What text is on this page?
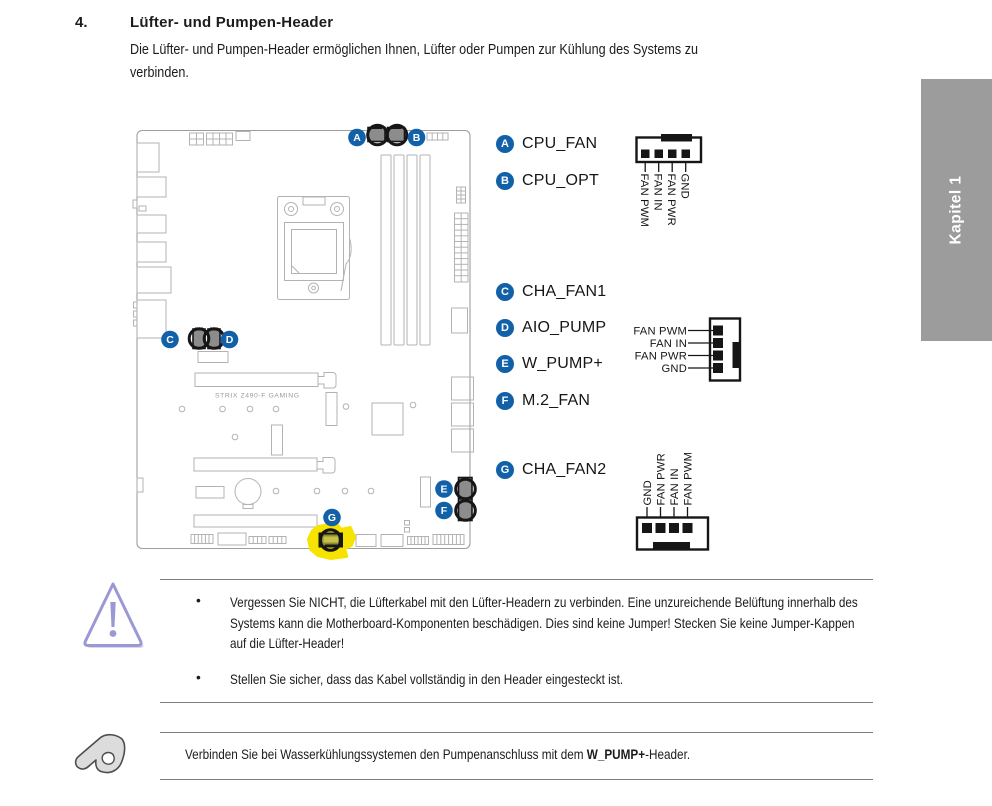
4.	Lüfter- und Pumpen-Header
Die Lüfter- und Pumpen-Header ermöglichen Ihnen, Lüfter oder Pumpen zur Kühlung des Systems zu verbinden.
Kapitel 1
STRIX Z490-F GAMING
A	B
C	D
E
F
G
A CPU_FAN
B CPU_OPT
C CHA_FAN1
D AIO_PUMP
E W_PUMP+
F M.2_FAN
G CHA_FAN2
FAN PWM FAN IN FAN PWR GND
FAN PWM
FAN IN
FAN PWR
GND
GND FAN PWR FAN IN FAN PWM
•	Vergessen Sie NICHT, die Lüfterkabel mit den Lüfter-Headern zu verbinden. Eine unzureichende Belüftung innerhalb des Systems kann die Motherboard-Komponenten beschädigen. Dies sind keine Jumper! Stecken Sie keine Jumper-Kappen auf die Lüfter-Header!
•	Stellen Sie sicher, dass das Kabel vollständig in den Header eingesteckt ist.
Verbinden Sie bei Wasserkühlungssystemen den Pumpenanschluss mit dem W_PUMP+-Header.
